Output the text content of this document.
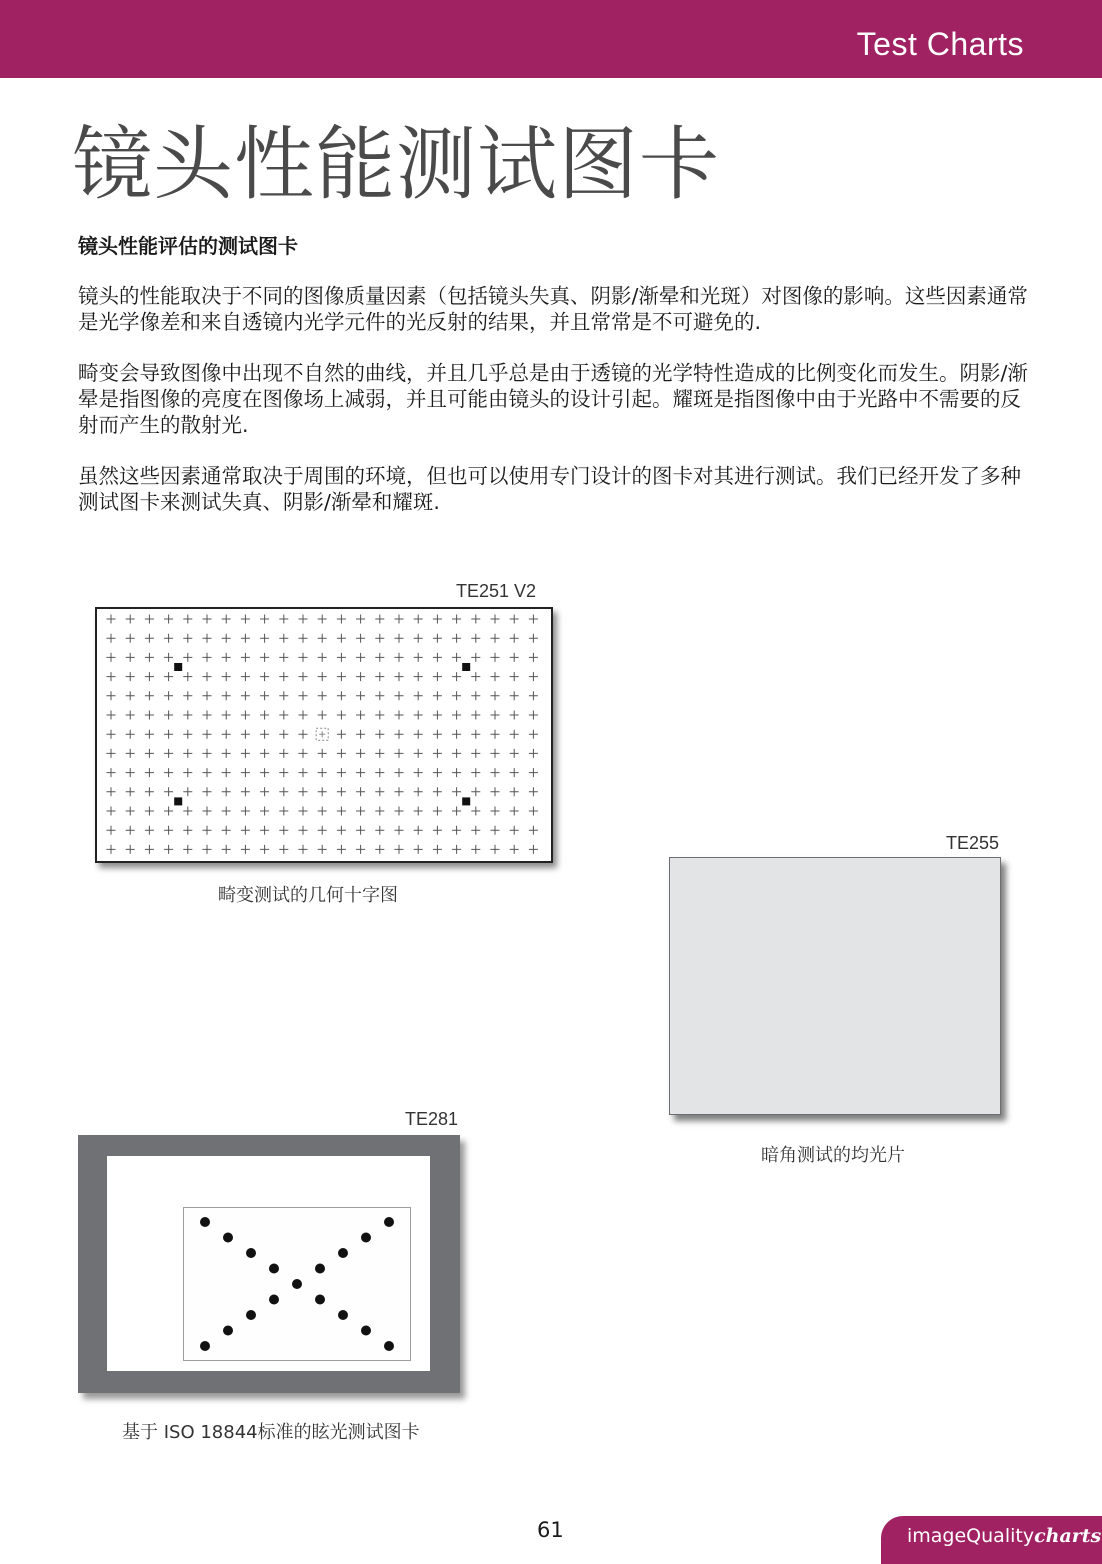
Test Charts
镜头性能测试图卡
镜头性能评估的测试图卡

镜头的性能取决于不同的图像质量因素（包括镜头失真、阴影/渐晕和光斑）对图像的影响。这些因素通常是光学像差和来自透镜内光学元件的光反射的结果，并且常常是不可避免的.

畸变会导致图像中出现不自然的曲线，并且几乎总是由于透镜的光学特性造成的比例变化而发生。阴影/渐晕是指图像的亮度在图像场上减弱，并且可能由镜头的设计引起。耀斑是指图像中由于光路中不需要的反射而产生的散射光.

虽然这些因素通常取决于周围的环境，但也可以使用专门设计的图卡对其进行测试。我们已经开发了多种测试图卡来测试失真、阴影/渐晕和耀斑.

TE251 V2
畸变测试的几何十字图
TE255
暗角测试的均光片
TE281
基于 ISO 18844标准的眩光测试图卡
61	imageQualitycharts
